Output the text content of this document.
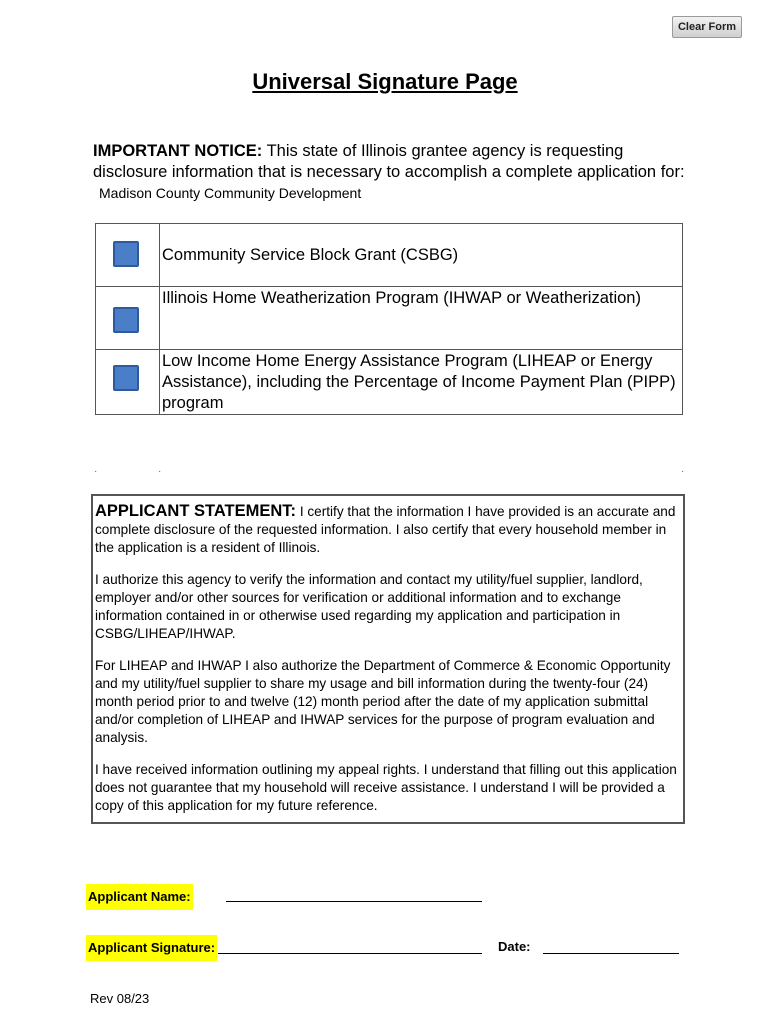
Clear Form
Universal Signature Page
IMPORTANT NOTICE: This state of Illinois grantee agency is requesting disclosure information that is necessary to accomplish a complete application for: Madison County Community Development
	Community Service Block Grant (CSBG)

	Illinois Home Weatherization Program (IHWAP or Weatherization)

	Low Income Home Energy Assistance Program (LIHEAP or Energy Assistance), including the Percentage of Income Payment Plan (PIPP) program
·	·	·

APPLICANT STATEMENT: I certify that the information I have provided is an accurate and complete disclosure of the requested information. I also certify that every household member in the application is a resident of Illinois.

I authorize this agency to verify the information and contact my utility/fuel supplier, landlord, employer and/or other sources for verification or additional information and to exchange information contained in or otherwise used regarding my application and participation in CSBG/LIHEAP/IHWAP.

For LIHEAP and IHWAP I also authorize the Department of Commerce & Economic Opportunity and my utility/fuel supplier to share my usage and bill information during the twenty-four (24) month period prior to and twelve (12) month period after the date of my application submittal and/or completion of LIHEAP and IHWAP services for the purpose of program evaluation and analysis.

I have received information outlining my appeal rights. I understand that filling out this application does not guarantee that my household will receive assistance. I understand I will be provided a copy of this application for my future reference.

Applicant Name:
Applicant Signature:	Date:
Rev 08/23
